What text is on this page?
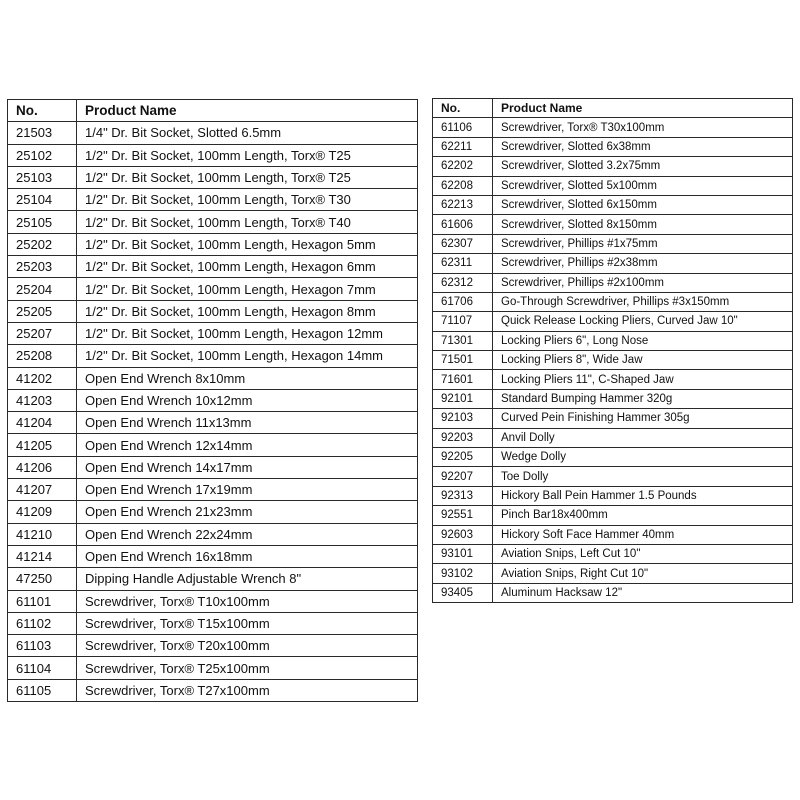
No.	Product Name
21503	1/4" Dr. Bit Socket, Slotted 6.5mm
25102	1/2" Dr. Bit Socket, 100mm Length, Torx® T25
25103	1/2" Dr. Bit Socket, 100mm Length, Torx® T25
25104	1/2" Dr. Bit Socket, 100mm Length, Torx® T30
25105	1/2" Dr. Bit Socket, 100mm Length, Torx® T40
25202	1/2" Dr. Bit Socket, 100mm Length, Hexagon 5mm
25203	1/2" Dr. Bit Socket, 100mm Length, Hexagon 6mm
25204	1/2" Dr. Bit Socket, 100mm Length, Hexagon 7mm
25205	1/2" Dr. Bit Socket, 100mm Length, Hexagon 8mm
25207	1/2" Dr. Bit Socket, 100mm Length, Hexagon 12mm
25208	1/2" Dr. Bit Socket, 100mm Length, Hexagon 14mm
41202	Open End Wrench 8x10mm
41203	Open End Wrench 10x12mm
41204	Open End Wrench 11x13mm
41205	Open End Wrench 12x14mm
41206	Open End Wrench 14x17mm
41207	Open End Wrench 17x19mm
41209	Open End Wrench 21x23mm
41210	Open End Wrench 22x24mm
41214	Open End Wrench 16x18mm
47250	Dipping Handle Adjustable Wrench 8"
61101	Screwdriver, Torx® T10x100mm
61102	Screwdriver, Torx® T15x100mm
61103	Screwdriver, Torx® T20x100mm
61104	Screwdriver, Torx® T25x100mm
61105	Screwdriver, Torx® T27x100mm
No.	Product Name
61106	Screwdriver, Torx® T30x100mm
62211	Screwdriver, Slotted 6x38mm
62202	Screwdriver, Slotted 3.2x75mm
62208	Screwdriver, Slotted 5x100mm
62213	Screwdriver, Slotted 6x150mm
61606	Screwdriver, Slotted 8x150mm
62307	Screwdriver, Phillips #1x75mm
62311	Screwdriver, Phillips #2x38mm
62312	Screwdriver, Phillips #2x100mm
61706	Go-Through Screwdriver, Phillips #3x150mm
71107	Quick Release Locking Pliers, Curved Jaw 10"
71301	Locking Pliers 6", Long Nose
71501	Locking Pliers 8", Wide Jaw
71601	Locking Pliers 11", C-Shaped Jaw
92101	Standard Bumping Hammer 320g
92103	Curved Pein Finishing Hammer 305g
92203	Anvil Dolly
92205	Wedge Dolly
92207	Toe Dolly
92313	Hickory Ball Pein Hammer 1.5 Pounds
92551	Pinch Bar18x400mm
92603	Hickory Soft Face Hammer 40mm
93101	Aviation Snips, Left Cut 10"
93102	Aviation Snips, Right Cut 10"
93405	Aluminum Hacksaw 12"
